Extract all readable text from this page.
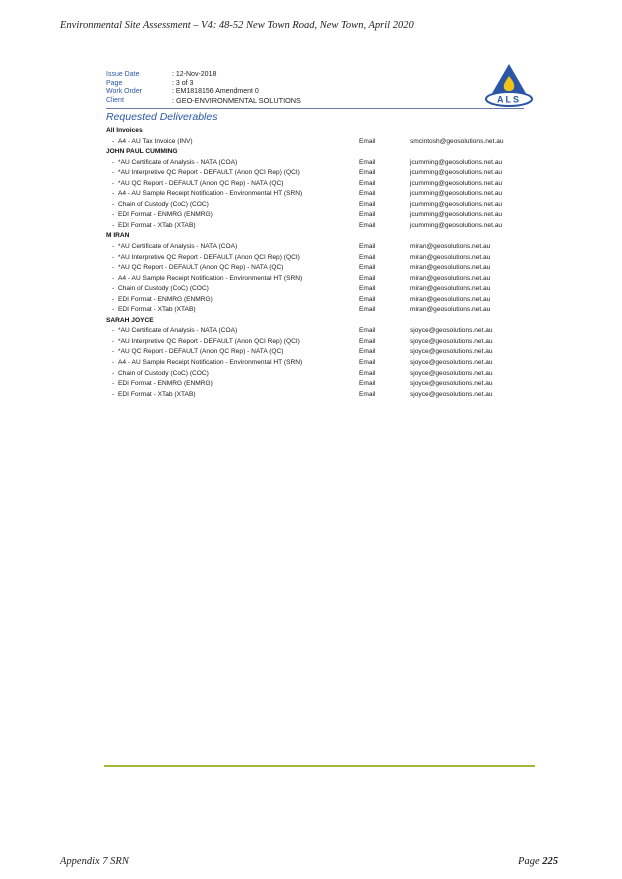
Environmental Site Assessment – V4: 48-52 New Town Road, New Town, April 2020
Issue Date	: 12-Nov-2018
Page	: 3 of 3
Work Order	: EM1818156 Amendment 0
Client	: GEO-ENVIRONMENTAL SOLUTIONS	ALS
Requested Deliverables
All Invoices
- A4 - AU Tax Invoice (INV)	Email	smcintosh@geosolutions.net.au
JOHN PAUL CUMMING
- *AU Certificate of Analysis - NATA (COA)	Email	jcumming@geosolutions.net.au
- *AU Interpretive QC Report - DEFAULT (Anon QCI Rep) (QCI)	Email	jcumming@geosolutions.net.au
- *AU QC Report - DEFAULT (Anon QC Rep) - NATA (QC)	Email	jcumming@geosolutions.net.au
- A4 - AU Sample Receipt Notification - Environmental HT (SRN)	Email	jcumming@geosolutions.net.au
- Chain of Custody (CoC) (COC)	Email	jcumming@geosolutions.net.au
- EDI Format - ENMRG (ENMRG)	Email	jcumming@geosolutions.net.au
- EDI Format - XTab (XTAB)	Email	jcumming@geosolutions.net.au
M IRAN
- *AU Certificate of Analysis - NATA (COA)	Email	miran@geosolutions.net.au
- *AU Interpretive QC Report - DEFAULT (Anon QCI Rep) (QCI)	Email	miran@geosolutions.net.au
- *AU QC Report - DEFAULT (Anon QC Rep) - NATA (QC)	Email	miran@geosolutions.net.au
- A4 - AU Sample Receipt Notification - Environmental HT (SRN)	Email	miran@geosolutions.net.au
- Chain of Custody (CoC) (COC)	Email	miran@geosolutions.net.au
- EDI Format - ENMRG (ENMRG)	Email	miran@geosolutions.net.au
- EDI Format - XTab (XTAB)	Email	miran@geosolutions.net.au
SARAH JOYCE
- *AU Certificate of Analysis - NATA (COA)	Email	sjoyce@geosolutions.net.au
- *AU Interpretive QC Report - DEFAULT (Anon QCI Rep) (QCI)	Email	sjoyce@geosolutions.net.au
- *AU QC Report - DEFAULT (Anon QC Rep) - NATA (QC)	Email	sjoyce@geosolutions.net.au
- A4 - AU Sample Receipt Notification - Environmental HT (SRN)	Email	sjoyce@geosolutions.net.au
- Chain of Custody (CoC) (COC)	Email	sjoyce@geosolutions.net.au
- EDI Format - ENMRG (ENMRG)	Email	sjoyce@geosolutions.net.au
- EDI Format - XTab (XTAB)	Email	sjoyce@geosolutions.net.au
Appendix 7 SRN	Page 225
